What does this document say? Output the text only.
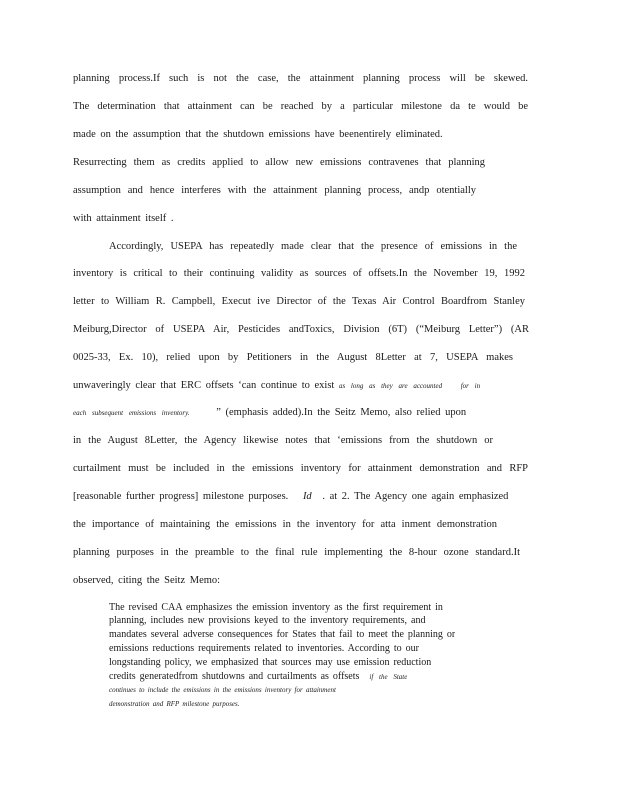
planning process.If such is not the case, the attainment planning process will be skewed.
The determination that attainment can be reached by a particular milestone da te would be
made on the assumption that the shutdown emissions have beenentirely eliminated.
Resurrecting them as credits applied to allow new emissions contravenes that planning
assumption and hence interferes with the attainment planning process, andp otentially
with attainment itself .
Accordingly, USEPA has repeatedly made clear that the presence of emissions in the
inventory is critical to their continuing validity as sources of offsets.In the November 19, 1992
letter to William R. Campbell, Execut ive Director of the Texas Air Control Boardfrom Stanley
Meiburg,Director of USEPA Air, Pesticides andToxics, Division (6T) (“Meiburg Letter”) (AR
0025-33, Ex. 10), relied upon by Petitioners in the August 8Letter at 7, USEPA makes
unwaveringly clear that ERC offsets ‘can continue to exist as long as they are accounted	for in
each subsequent emissions inventory.	” (emphasis added).In the Seitz Memo, also relied upon
in the August 8Letter, the Agency likewise notes that ‘emissions from the shutdown or
curtailment must be included in the emissions inventory for attainment demonstration and RFP
[reasonable further progress] milestone purposes. Id . at 2. The Agency one again emphasized
the importance of maintaining the emissions in the inventory for atta inment demonstration
planning purposes in the preamble to the final rule implementing the 8-hour ozone standard.It
observed, citing the Seitz Memo:
The revised CAA emphasizes the emission inventory as the first requirement in
planning, includes new provisions keyed to the inventory requirements, and
mandates several adverse consequences for States that fail to meet the planning or
emissions reductions requirements related to inventories. According to our
longstanding policy, we emphasized that sources may use emission reduction
credits generatedfrom shutdowns and curtailments as offsets if the State
continues to include the emissions in the emissions inventory for attainment
demonstration and RFP milestone purposes.
